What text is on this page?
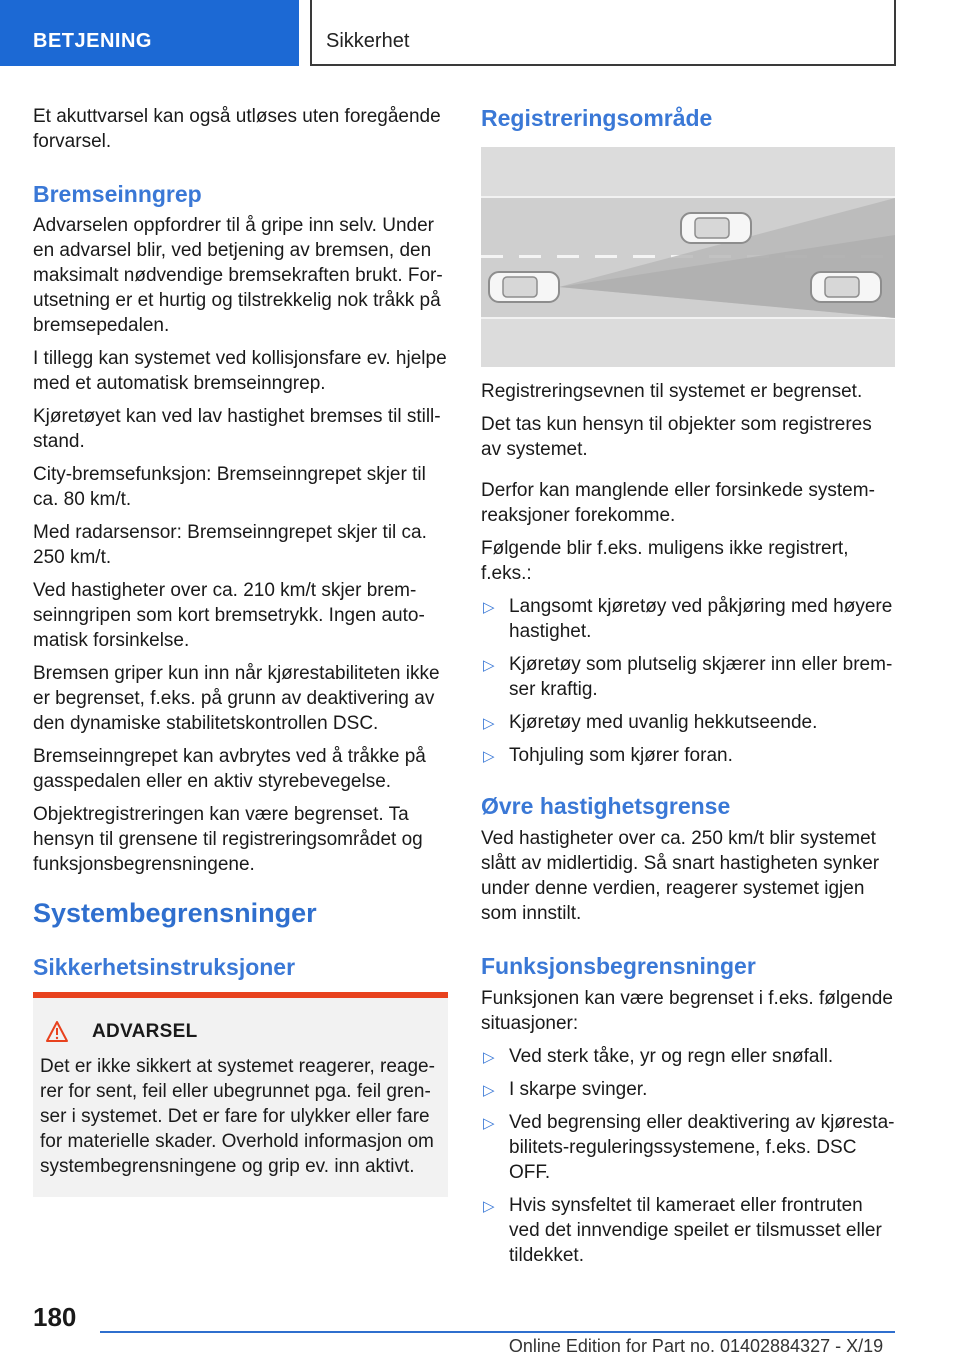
BETJENING	Sikkerhet

Et akuttvarsel kan også utløses uten foregående forvarsel.

Bremseinngrep

Advarselen oppfordrer til å gripe inn selv. Under en advarsel blir, ved betjening av bremsen, den maksimalt nødvendige bremsekraften brukt. Forutsetning er et hurtig og tilstrekkelig nok tråkk på bremsepedalen.

I tillegg kan systemet ved kollisjonsfare ev. hjelpe med et automatisk bremseinngrep.

Kjøretøyet kan ved lav hastighet bremses til stillstand.

City-bremsefunksjon: Bremseinngrepet skjer til ca. 80 km/t.

Med radarsensor: Bremseinngrepet skjer til ca. 250 km/t.

Ved hastigheter over ca. 210 km/t skjer bremseinngripen som kort bremsetrykk. Ingen automatisk forsinkelse.

Bremsen griper kun inn når kjørestabiliteten ikke er begrenset, f.eks. på grunn av deaktivering av den dynamiske stabilitetskontrollen DSC.

Bremseinngrepet kan avbrytes ved å tråkke på gasspedalen eller en aktiv styrebevegelse.

Objektregistreringen kan være begrenset. Ta hensyn til grensene til registreringsområdet og funksjonsbegrensningene.

Systembegrensninger
Sikkerhetsinstruksjoner
ADVARSEL

Det er ikke sikkert at systemet reagerer, reagerer for sent, feil eller ubegrunnet pga. feil grenser i systemet. Det er fare for ulykker eller fare for materielle skader. Overhold informasjon om systembegrensningene og grip ev. inn aktivt.

Registreringsområde

Registreringsevnen til systemet er begrenset.

Det tas kun hensyn til objekter som registreres av systemet.

Derfor kan manglende eller forsinkede systemreaksjoner forekomme.

Følgende blir f.eks. muligens ikke registrert, f.eks.:

▷ Langsomt kjøretøy ved påkjøring med høyere hastighet.
▷ Kjøretøy som plutselig skjærer inn eller bremser kraftig.
▷ Kjøretøy med uvanlig hekkutseende.
▷ Tohjuling som kjører foran.
Øvre hastighetsgrense

Ved hastigheter over ca. 250 km/t blir systemet slått av midlertidig. Så snart hastigheten synker under denne verdien, reagerer systemet igjen som innstilt.

Funksjonsbegrensninger

Funksjonen kan være begrenset i f.eks. følgende situasjoner:

▷ Ved sterk tåke, yr og regn eller snøfall.
▷ I skarpe svinger.
▷ Ved begrensing eller deaktivering av kjørestabilitets-reguleringssystemene, f.eks. DSC OFF.
▷ Hvis synsfeltet til kameraet eller frontruten ved det innvendige speilet er tilsmusset eller tildekket.
180
Online Edition for Part no. 01402884327 - X/19
